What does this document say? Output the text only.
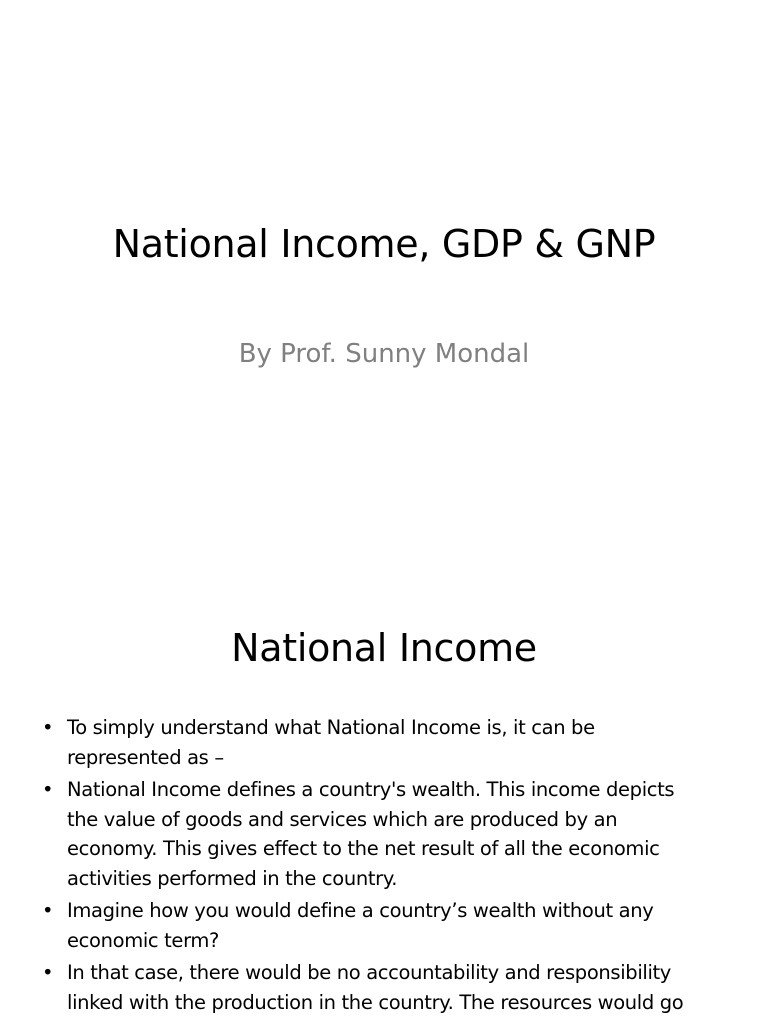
National Income, GDP & GNP
By Prof. Sunny Mondal
National Income
• To simply understand what National Income is, it can be
represented as –
• National Income defines a country's wealth. This income depicts
the value of goods and services which are produced by an
economy. This gives effect to the net result of all the economic
activities performed in the country.
• Imagine how you would define a country’s wealth without any
economic term?
• In that case, there would be no accountability and responsibility
linked with the production in the country. The resources would go
